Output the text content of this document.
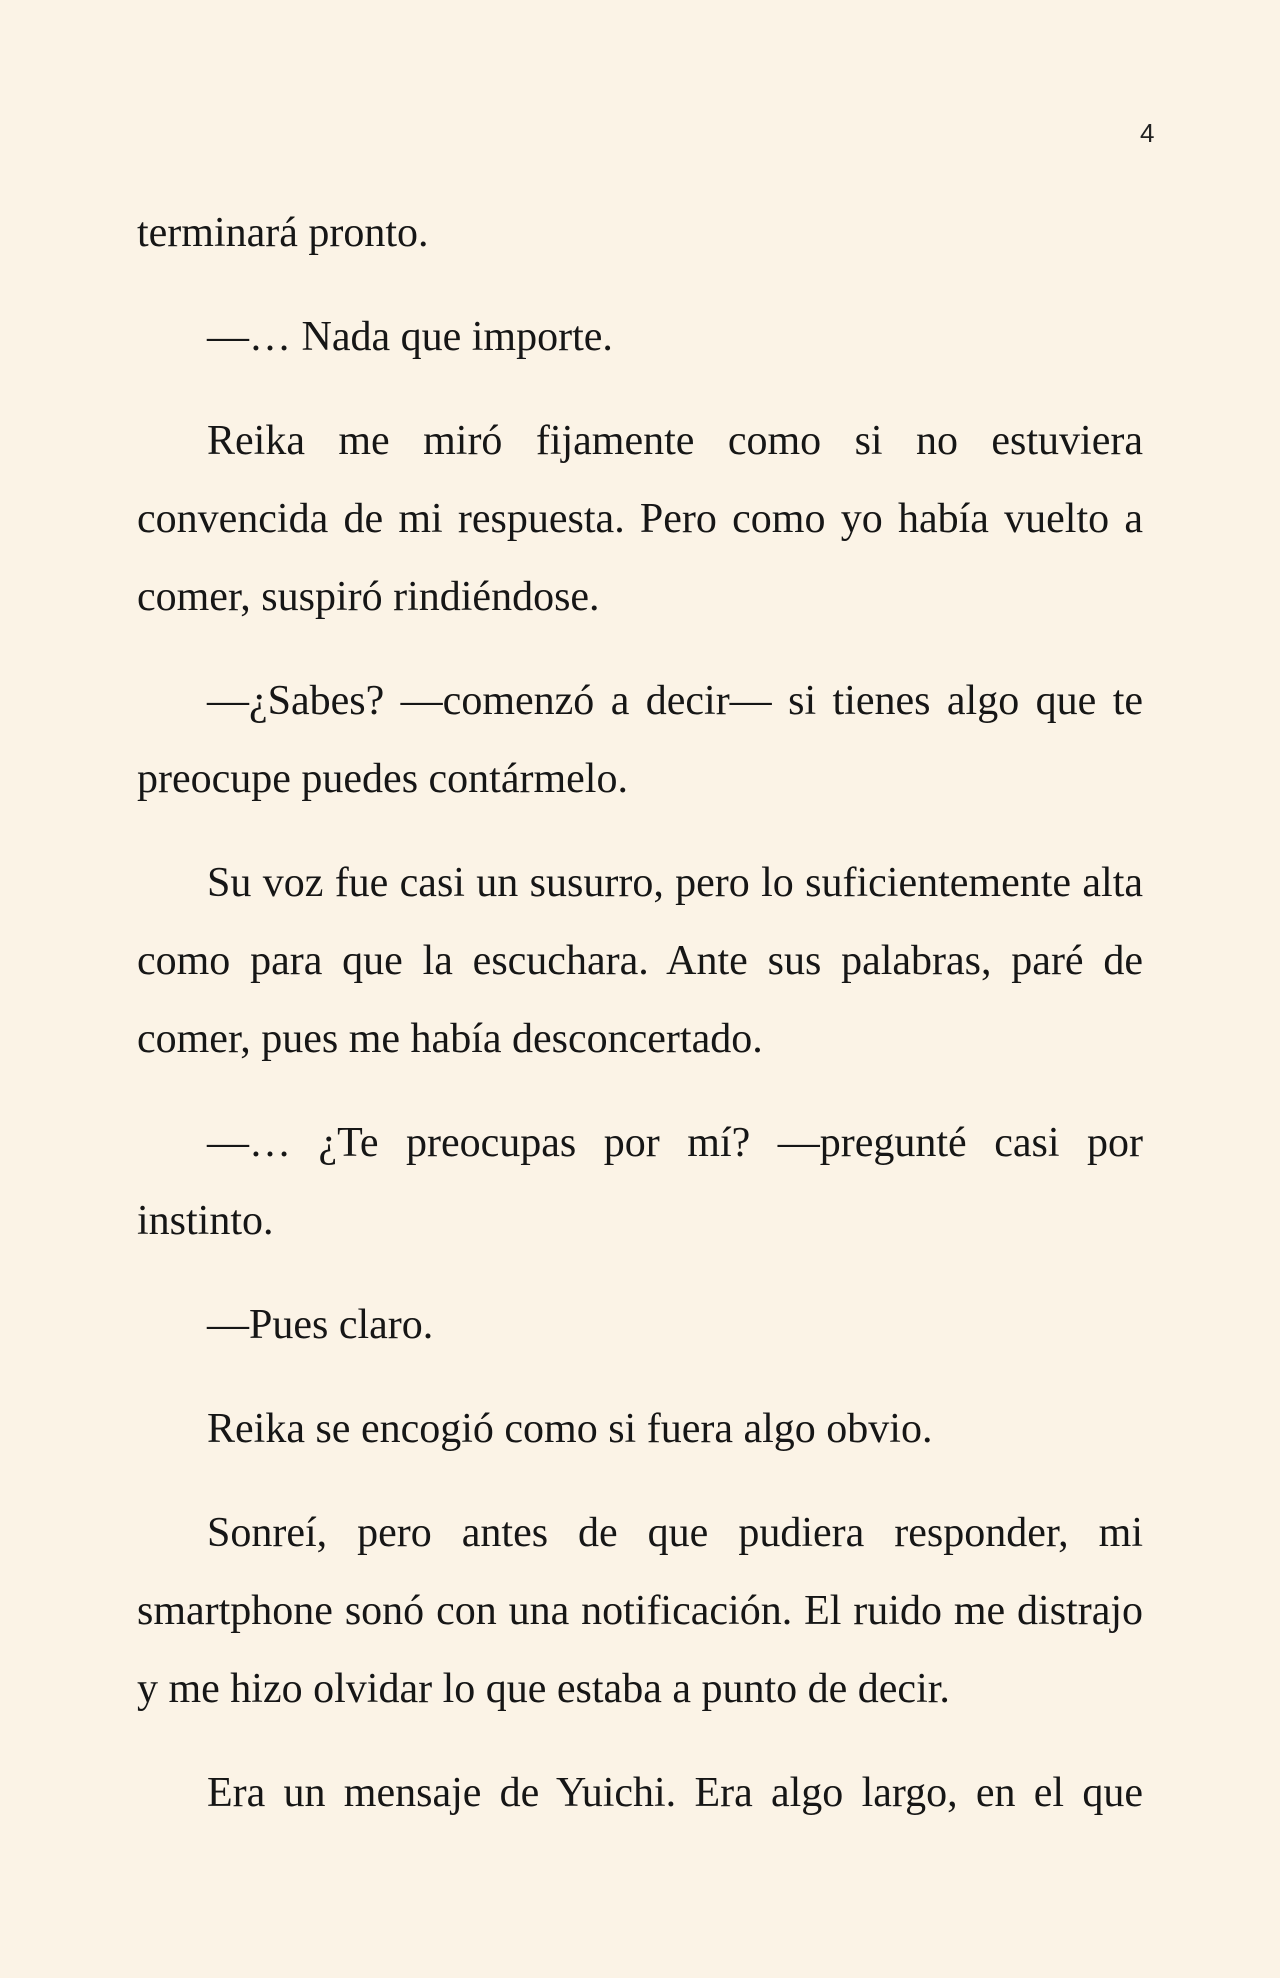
4

terminará pronto.

—… Nada que importe.

Reika me miró fijamente como si no estuviera convencida de mi respuesta. Pero como yo había vuelto a comer, suspiró rindiéndose.

—¿Sabes? —comenzó a decir— si tienes algo que te preocupe puedes contármelo.

Su voz fue casi un susurro, pero lo suficientemente alta como para que la escuchara. Ante sus palabras, paré de comer, pues me había desconcertado.

—… ¿Te preocupas por mí? —pregunté casi por instinto.

—Pues claro.

Reika se encogió como si fuera algo obvio.

Sonreí, pero antes de que pudiera responder, mi smartphone sonó con una notificación. El ruido me distrajo y me hizo olvidar lo que estaba a punto de decir.

Era un mensaje de Yuichi. Era algo largo, en el que
